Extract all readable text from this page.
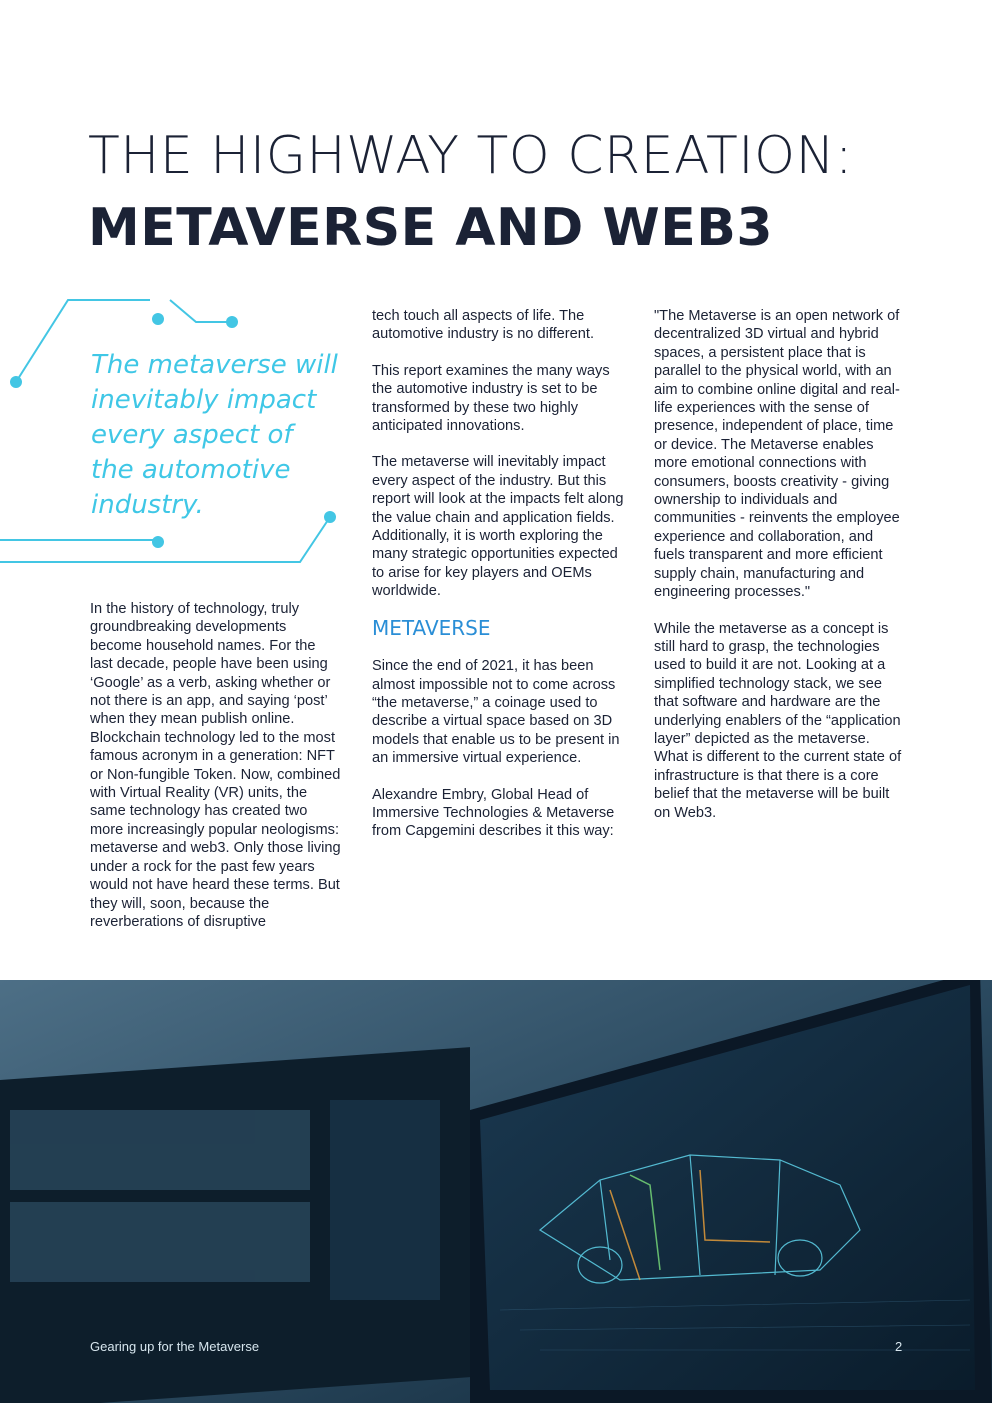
THE HIGHWAY TO CREATION:
METAVERSE AND WEB3

The metaverse will inevitably impact every aspect of the automotive industry.

In the history of technology, truly groundbreaking developments become household names. For the last decade, people have been using ‘Google’ as a verb, asking whether or not there is an app, and saying ‘post’ when they mean publish online. Blockchain technology led to the most famous acronym in a generation: NFT or Non-fungible Token. Now, combined with Virtual Reality (VR) units, the same technology has created two more increasingly popular neologisms: metaverse and web3. Only those living under a rock for the past few years would not have heard these terms. But they will, soon, because the reverberations of disruptive

tech touch all aspects of life. The automotive industry is no different.

This report examines the many ways the automotive industry is set to be transformed by these two highly anticipated innovations.

The metaverse will inevitably impact every aspect of the industry. But this report will look at the impacts felt along the value chain and application fields. Additionally, it is worth exploring the many strategic opportunities expected to arise for key players and OEMs worldwide.

METAVERSE

Since the end of 2021, it has been almost impossible not to come across “the metaverse,” a coinage used to describe a virtual space based on 3D models that enable us to be present in an immersive virtual experience.

Alexandre Embry, Global Head of Immersive Technologies & Metaverse from Capgemini describes it this way:

"The Metaverse is an open network of decentralized 3D virtual and hybrid spaces, a persistent place that is parallel to the physical world, with an aim to combine online digital and real-life experiences with the sense of presence, independent of place, time or device. The Metaverse enables more emotional connections with consumers, boosts creativity - giving ownership to individuals and communities - reinvents the employee experience and collaboration, and fuels transparent and more efficient supply chain, manufacturing and engineering processes."

While the metaverse as a concept is still hard to grasp, the technologies used to build it are not. Looking at a simplified technology stack, we see that software and hardware are the underlying enablers of the “application layer” depicted as the metaverse. What is different to the current state of infrastructure is that there is a core belief that the metaverse will be built on Web3.

Gearing up for the Metaverse	2
